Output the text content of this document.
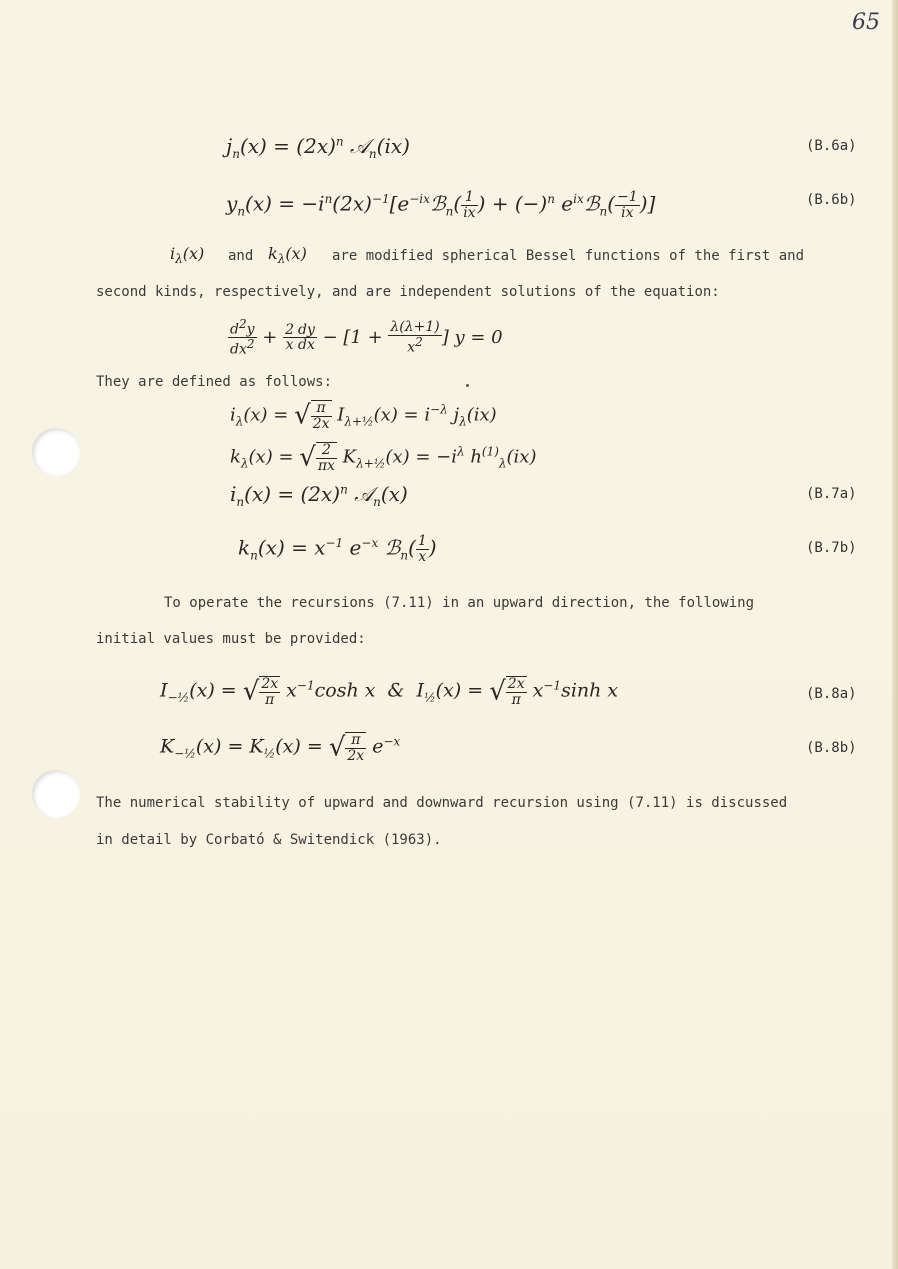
65
$j_n(x) = (2x)^n$ 𝒜$_n$(ix)	(B.6a)
$y_n(x)$ = $-i^n(2x)^{-1}[e^{-ix}ℬ_n( \frac{1}{ix}$ ) + $(-)^n$ $e^{ix}ℬ_n( \frac{-1}{ix}$ )]	(B.6b)
$i_\lambda(x)$ and $k_\lambda(x)$ are modified spherical Bessel functions of the first and
second kinds, respectively, and are independent solutions of the equation:
$\frac{d^2y}{dx^2} + \frac{2}{x} \frac{dy}{dx} - [1 + \frac{\lambda(\lambda+1)}{x^2}$ ] y = 0
They are defined as follows:
$i_\lambda(x)$ = √ $\frac{\pi}{2x} I_{\lambda+\frac{1}{2}}(x) = i^{-\lambda}$ $j_\lambda(ix)$
$k_\lambda(x)$ = √ $\frac{2}{\pi x} K_{\lambda+\frac{1}{2}}(x) = -i^\lambda$ $h^{(1)}_\lambda(ix)$
$i_n(x) = (2x)^n$ 𝒜$_n$(x)	(B.7a)
$k_n(x) = x^{-1}$ $e^{-x}$ ℬ$_n$( $\frac{1}{x}$ )	(B.7b)
To operate the recursions (7.11) in an upward direction, the following
initial values must be provided:
$I_{-\frac{1}{2}}(x)$ = √ $\frac{2x}{\pi} x^{-1}\cosh$ x  &  $I_{\frac{1}{2}}(x)$ = √ $\frac{2x}{\pi} x^{-1}\sinh$ x	(B.8a)
$K_{-\frac{1}{2}}(x) = K_{\frac{1}{2}}(x)$ = √ $\frac{\pi}{2x} e^{-x}$	(B.8b)
The numerical stability of upward and downward recursion using (7.11) is discussed
in detail by Corbató & Switendick (1963).
